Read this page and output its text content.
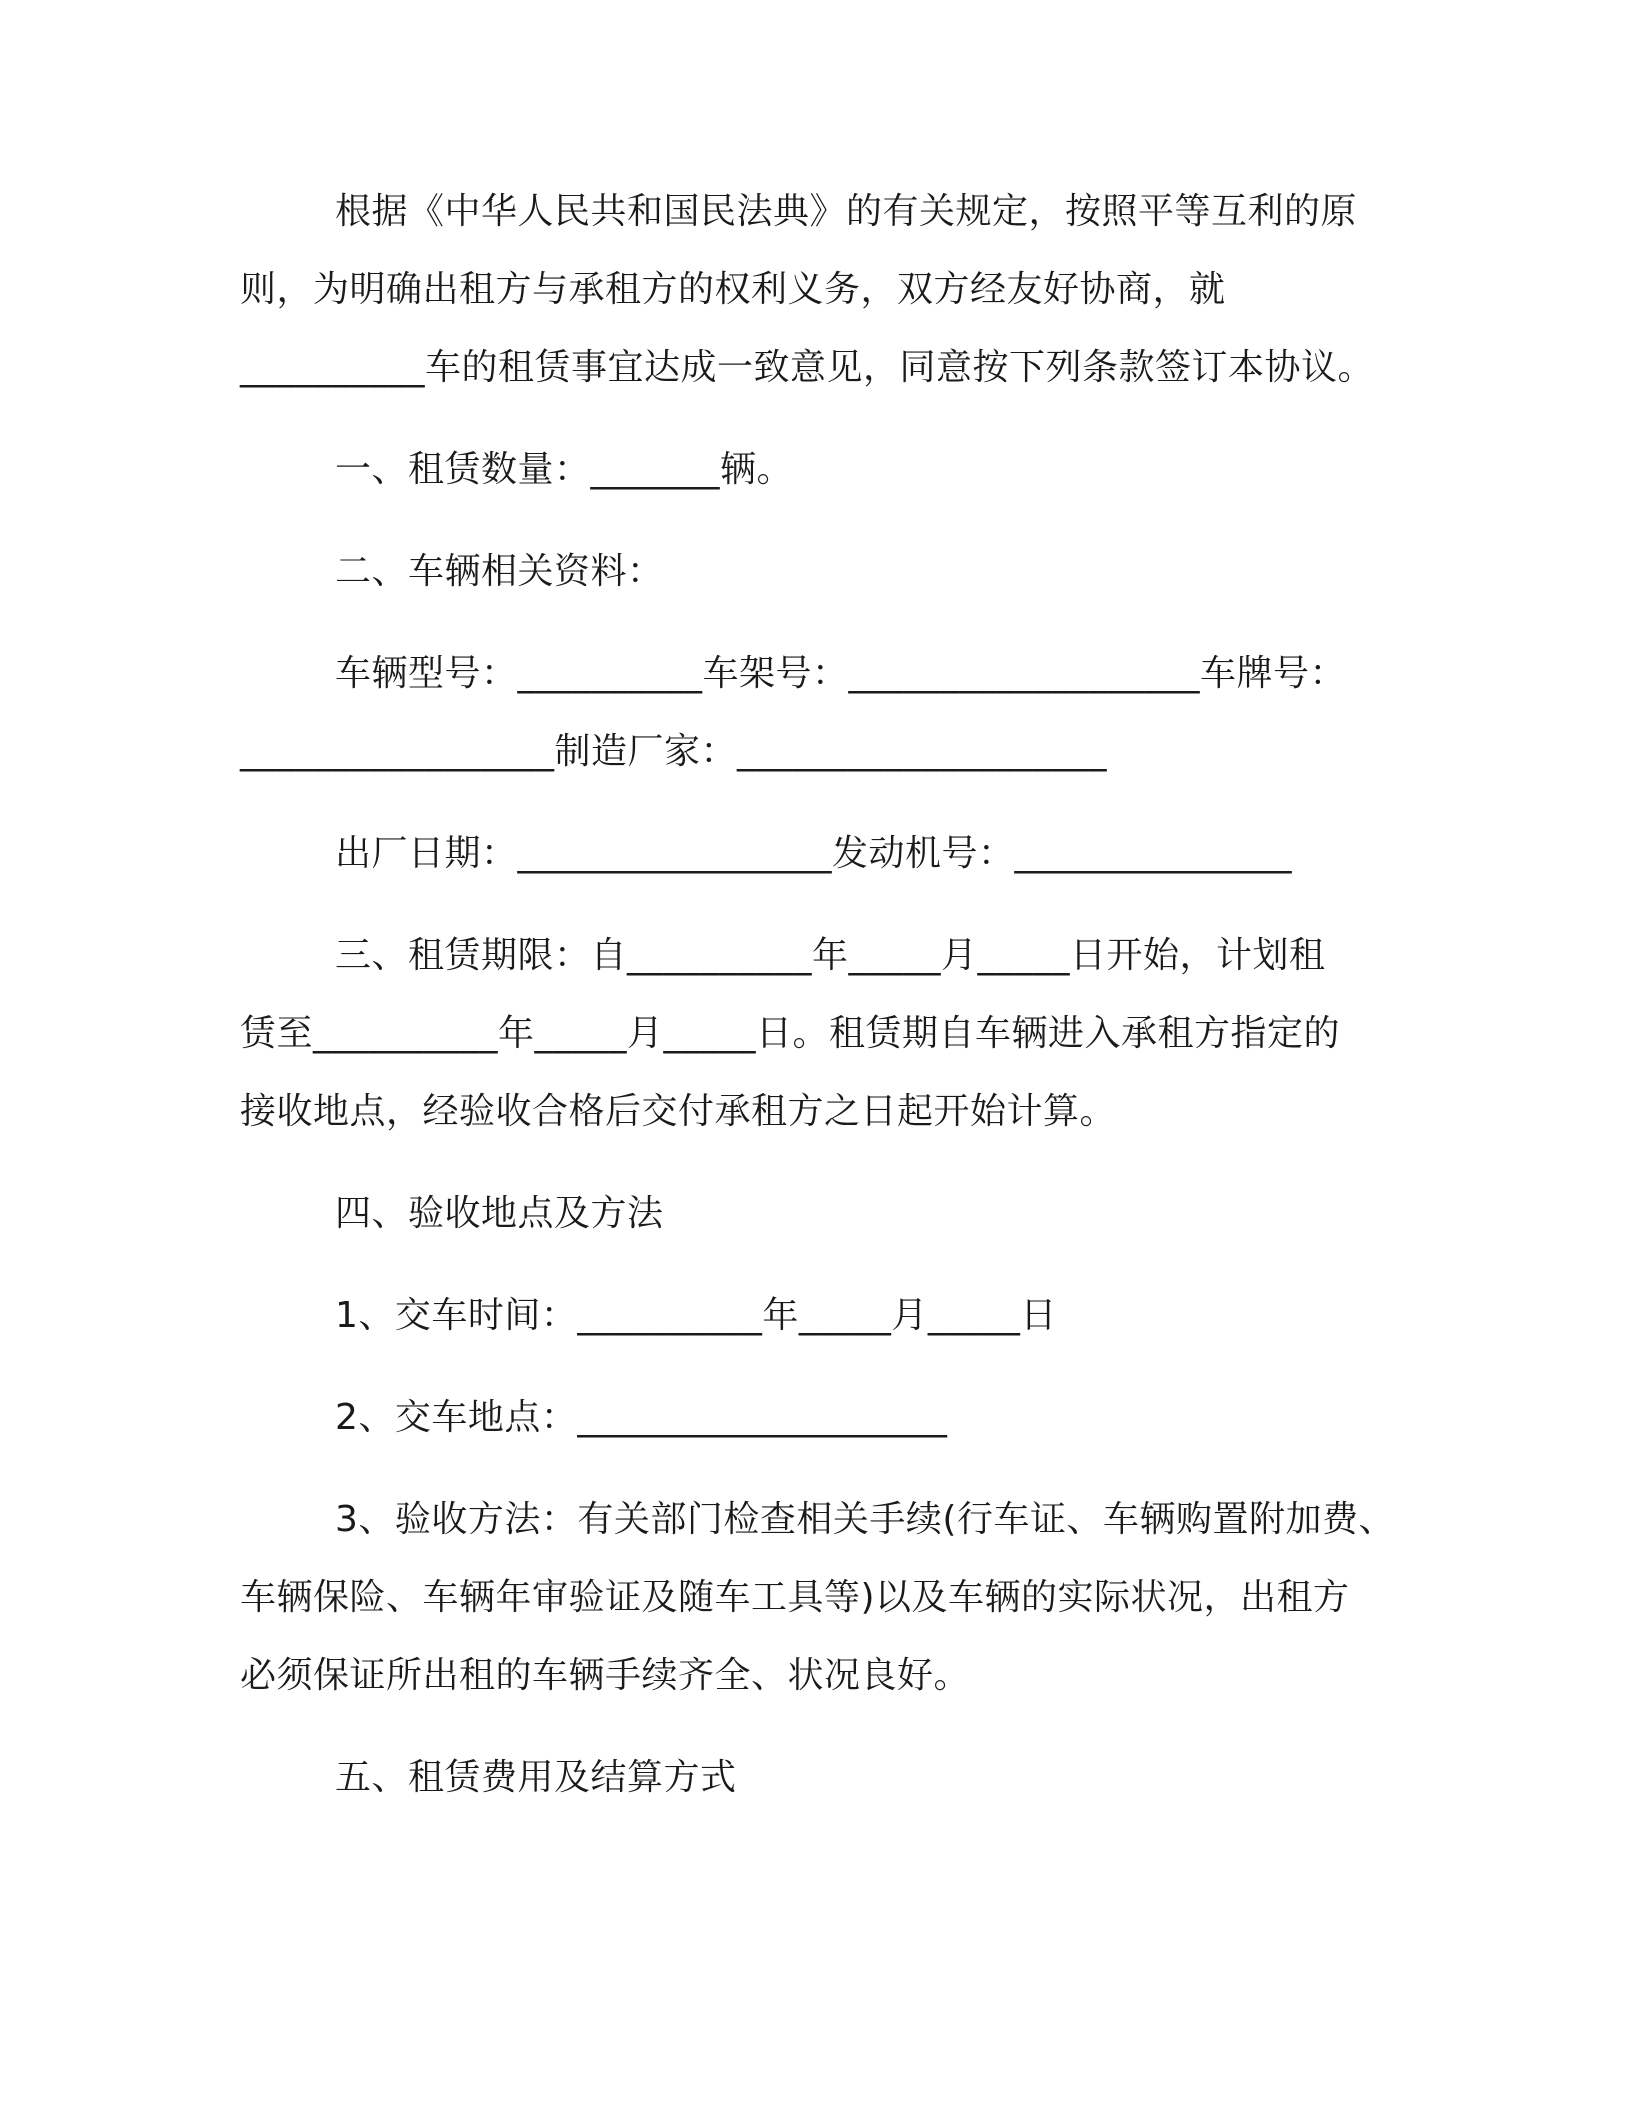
根据《中华人民共和国民法典》的有关规定，按照平等互利的原
则，为明确出租方与承租方的权利义务，双方经友好协商，就
__________车的租赁事宜达成一致意见，同意按下列条款签订本协议。
一、租赁数量：_______辆。
二、车辆相关资料：
车辆型号：__________车架号：___________________车牌号：
_________________制造厂家：____________________
出厂日期：_________________发动机号：_______________
三、租赁期限：自__________年_____月_____日开始，计划租
赁至__________年_____月_____日。租赁期自车辆进入承租方指定的
接收地点，经验收合格后交付承租方之日起开始计算。
四、验收地点及方法
1、交车时间：__________年_____月_____日
2、交车地点：____________________
3、验收方法：有关部门检查相关手续(行车证、车辆购置附加费、
车辆保险、车辆年审验证及随车工具等)以及车辆的实际状况，出租方
必须保证所出租的车辆手续齐全、状况良好。
五、租赁费用及结算方式
